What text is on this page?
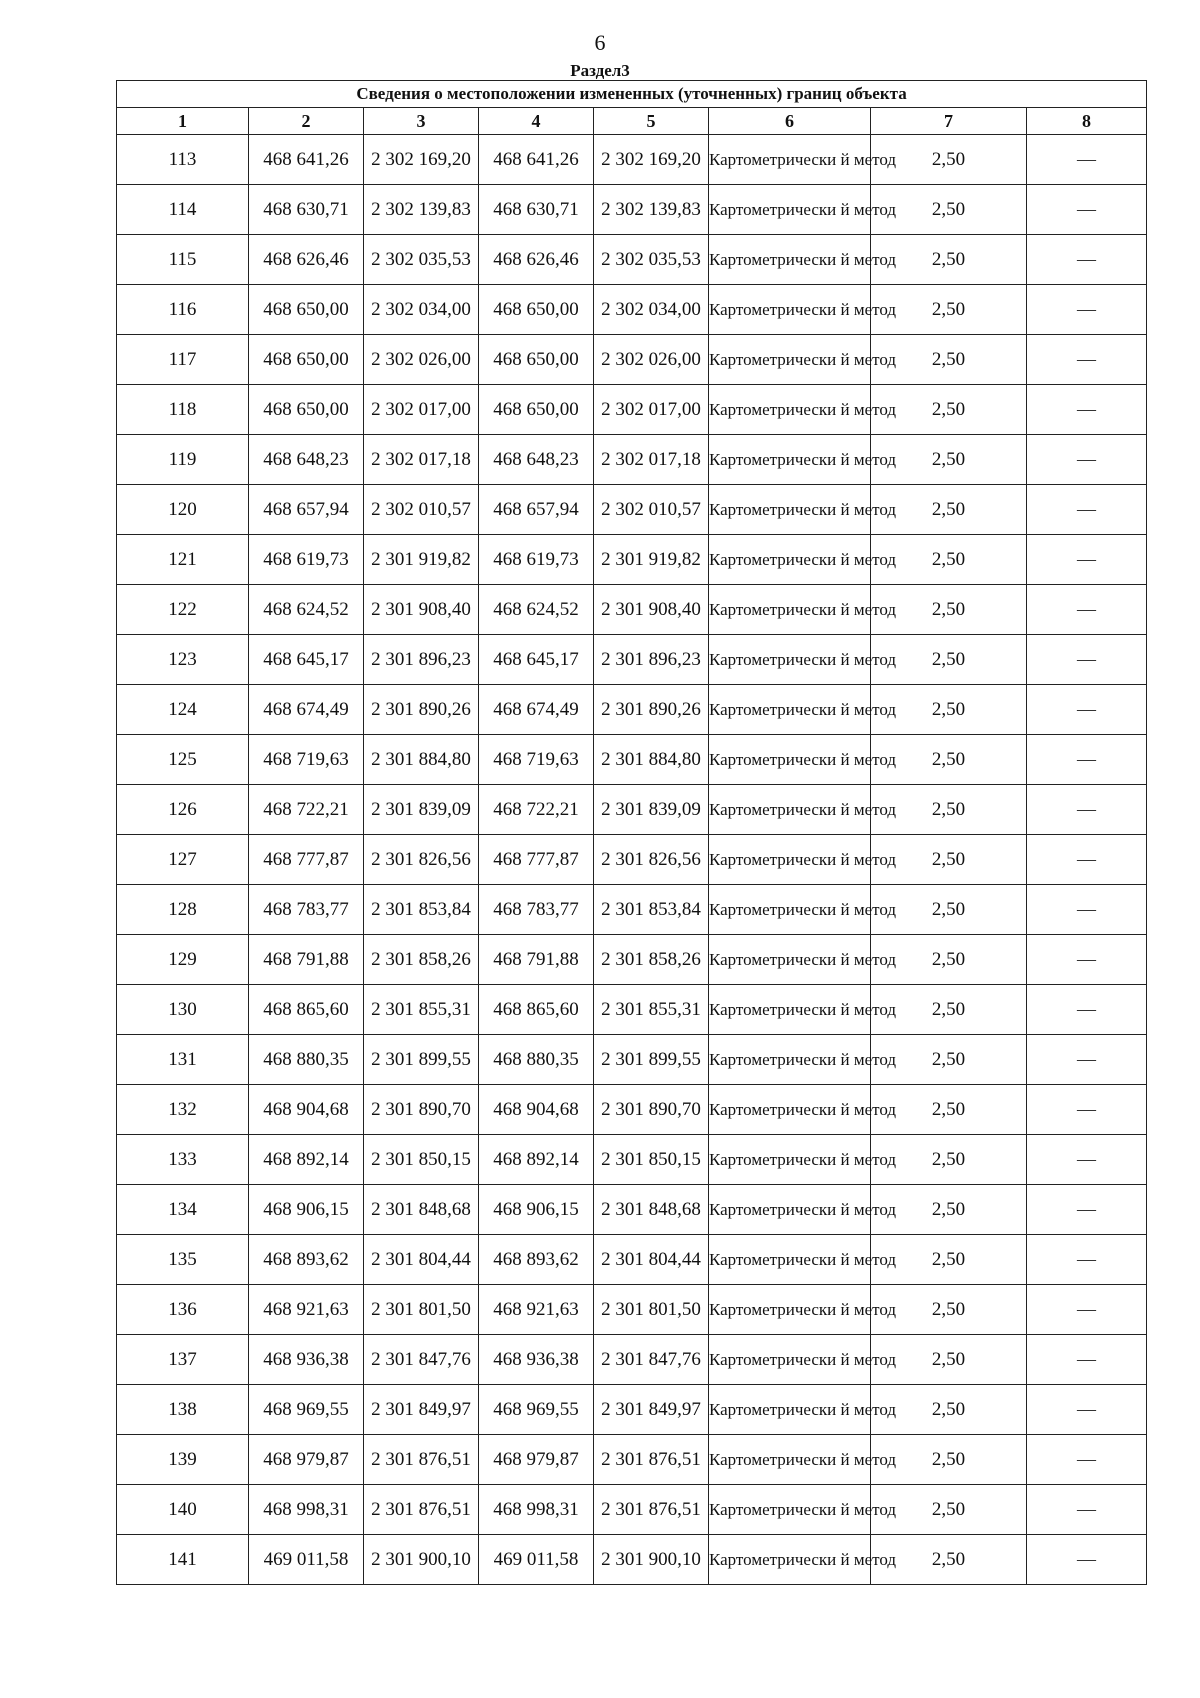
6
Раздел3
Сведения о местоположении измененных (уточненных) границ объекта							
1	2	3	4	5	6	7	8
113	468 641,26	2 302 169,20	468 641,26	2 302 169,20	Картометрически й метод	2,50	—
114	468 630,71	2 302 139,83	468 630,71	2 302 139,83	Картометрически й метод	2,50	—
115	468 626,46	2 302 035,53	468 626,46	2 302 035,53	Картометрически й метод	2,50	—
116	468 650,00	2 302 034,00	468 650,00	2 302 034,00	Картометрически й метод	2,50	—
117	468 650,00	2 302 026,00	468 650,00	2 302 026,00	Картометрически й метод	2,50	—
118	468 650,00	2 302 017,00	468 650,00	2 302 017,00	Картометрически й метод	2,50	—
119	468 648,23	2 302 017,18	468 648,23	2 302 017,18	Картометрически й метод	2,50	—
120	468 657,94	2 302 010,57	468 657,94	2 302 010,57	Картометрически й метод	2,50	—
121	468 619,73	2 301 919,82	468 619,73	2 301 919,82	Картометрически й метод	2,50	—
122	468 624,52	2 301 908,40	468 624,52	2 301 908,40	Картометрически й метод	2,50	—
123	468 645,17	2 301 896,23	468 645,17	2 301 896,23	Картометрически й метод	2,50	—
124	468 674,49	2 301 890,26	468 674,49	2 301 890,26	Картометрически й метод	2,50	—
125	468 719,63	2 301 884,80	468 719,63	2 301 884,80	Картометрически й метод	2,50	—
126	468 722,21	2 301 839,09	468 722,21	2 301 839,09	Картометрически й метод	2,50	—
127	468 777,87	2 301 826,56	468 777,87	2 301 826,56	Картометрически й метод	2,50	—
128	468 783,77	2 301 853,84	468 783,77	2 301 853,84	Картометрически й метод	2,50	—
129	468 791,88	2 301 858,26	468 791,88	2 301 858,26	Картометрически й метод	2,50	—
130	468 865,60	2 301 855,31	468 865,60	2 301 855,31	Картометрически й метод	2,50	—
131	468 880,35	2 301 899,55	468 880,35	2 301 899,55	Картометрически й метод	2,50	—
132	468 904,68	2 301 890,70	468 904,68	2 301 890,70	Картометрически й метод	2,50	—
133	468 892,14	2 301 850,15	468 892,14	2 301 850,15	Картометрически й метод	2,50	—
134	468 906,15	2 301 848,68	468 906,15	2 301 848,68	Картометрически й метод	2,50	—
135	468 893,62	2 301 804,44	468 893,62	2 301 804,44	Картометрически й метод	2,50	—
136	468 921,63	2 301 801,50	468 921,63	2 301 801,50	Картометрически й метод	2,50	—
137	468 936,38	2 301 847,76	468 936,38	2 301 847,76	Картометрически й метод	2,50	—
138	468 969,55	2 301 849,97	468 969,55	2 301 849,97	Картометрически й метод	2,50	—
139	468 979,87	2 301 876,51	468 979,87	2 301 876,51	Картометрически й метод	2,50	—
140	468 998,31	2 301 876,51	468 998,31	2 301 876,51	Картометрически й метод	2,50	—
141	469 011,58	2 301 900,10	469 011,58	2 301 900,10	Картометрически й метод	2,50	—
